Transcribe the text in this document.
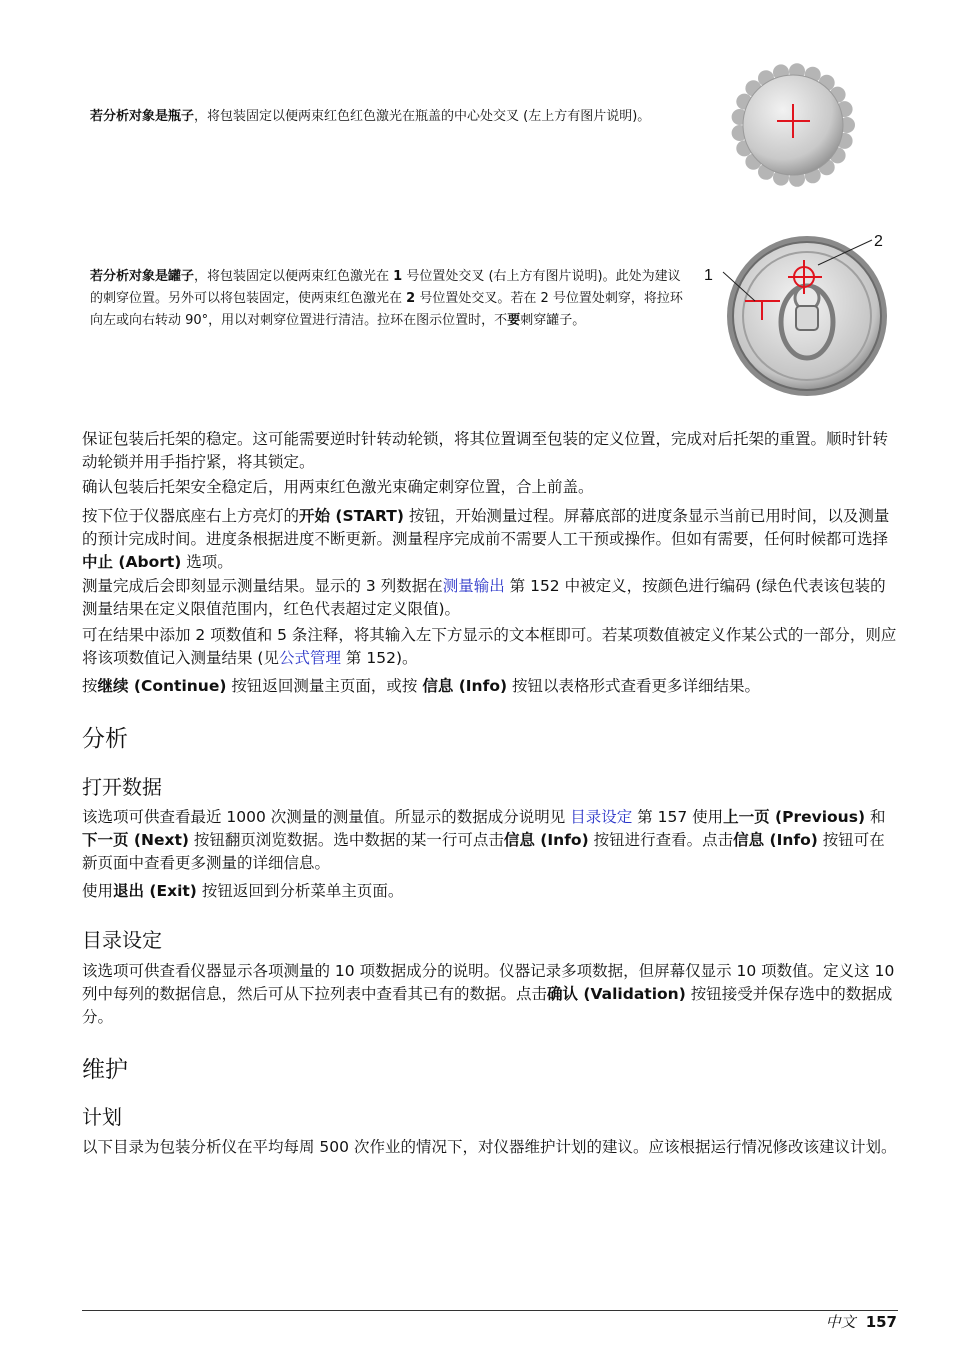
若分析对象是瓶子，将包装固定以便两束红色红色激光在瓶盖的中心处交叉 (左上方有图片说明)。

若分析对象是罐子，将包装固定以便两束红色激光在 1 号位置处交叉 (右上方有图片说明)。此处为建议的刺穿位置。另外可以将包装固定，使两束红色激光在 2 号位置处交叉。若在 2 号位置处刺穿，将拉环向左或向右转动 90°，用以对刺穿位置进行清洁。拉环在图示位置时，不要刺穿罐子。

1
2

保证包装后托架的稳定。这可能需要逆时针转动轮锁，将其位置调至包装的定义位置，完成对后托架的重置。顺时针转动轮锁并用手指拧紧，将其锁定。

确认包装后托架安全稳定后，用两束红色激光束确定刺穿位置，合上前盖。

按下位于仪器底座右上方亮灯的开始 (START) 按钮，开始测量过程。屏幕底部的进度条显示当前已用时间，以及测量的预计完成时间。进度条根据进度不断更新。测量程序完成前不需要人工干预或操作。但如有需要，任何时候都可选择中止 (Abort) 选项。

测量完成后会即刻显示测量结果。显示的 3 列数据在测量输出 第 152 中被定义，按颜色进行编码 (绿色代表该包装的测量结果在定义限值范围内，红色代表超过定义限值)。

可在结果中添加 2 项数值和 5 条注释，将其输入左下方显示的文本框即可。若某项数值被定义作某公式的一部分，则应将该项数值记入测量结果 (见公式管理 第 152)。

按继续 (Continue) 按钮返回测量主页面，或按 信息 (Info) 按钮以表格形式查看更多详细结果。

分析
打开数据

该选项可供查看最近 1000 次测量的测量值。所显示的数据成分说明见 目录设定 第 157 使用上一页 (Previous) 和下一页 (Next) 按钮翻页浏览数据。选中数据的某一行可点击信息 (Info) 按钮进行查看。点击信息 (Info) 按钮可在新页面中查看更多测量的详细信息。

使用退出 (Exit) 按钮返回到分析菜单主页面。

目录设定

该选项可供查看仪器显示各项测量的 10 项数据成分的说明。仪器记录多项数据，但屏幕仅显示 10 项数值。定义这 10 列中每列的数据信息，然后可从下拉列表中查看其已有的数据。点击确认 (Validation) 按钮接受并保存选中的数据成分。

维护
计划

以下目录为包装分析仪在平均每周 500 次作业的情况下，对仪器维护计划的建议。应该根据运行情况修改该建议计划。

中文 157
